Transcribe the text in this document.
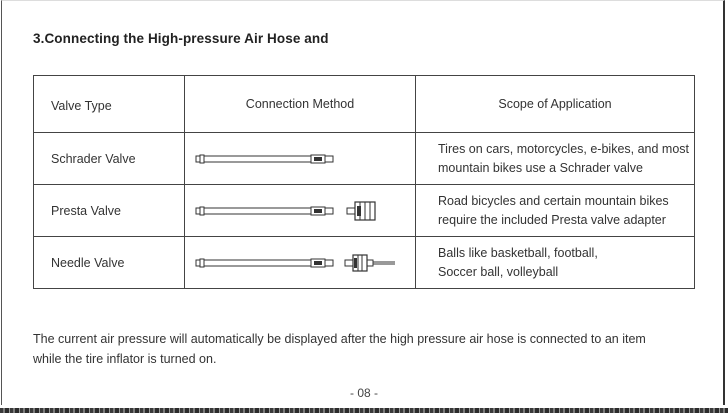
3.Connecting the High-pressure Air Hose and
Valve Type	Connection Method	Scope of Application
Schrader Valve		Tires on cars, motorcycles, e-bikes, and most
mountain bikes use a Schrader valve

Presta Valve		Road bicycles and certain mountain bikes
require the included Presta valve adapter

Needle Valve		Balls like basketball, football,
Soccer ball, volleyball
The current air pressure will automatically be displayed after the high pressure air hose is connected to an item
while the tire inflator is turned on.
- 08 -
